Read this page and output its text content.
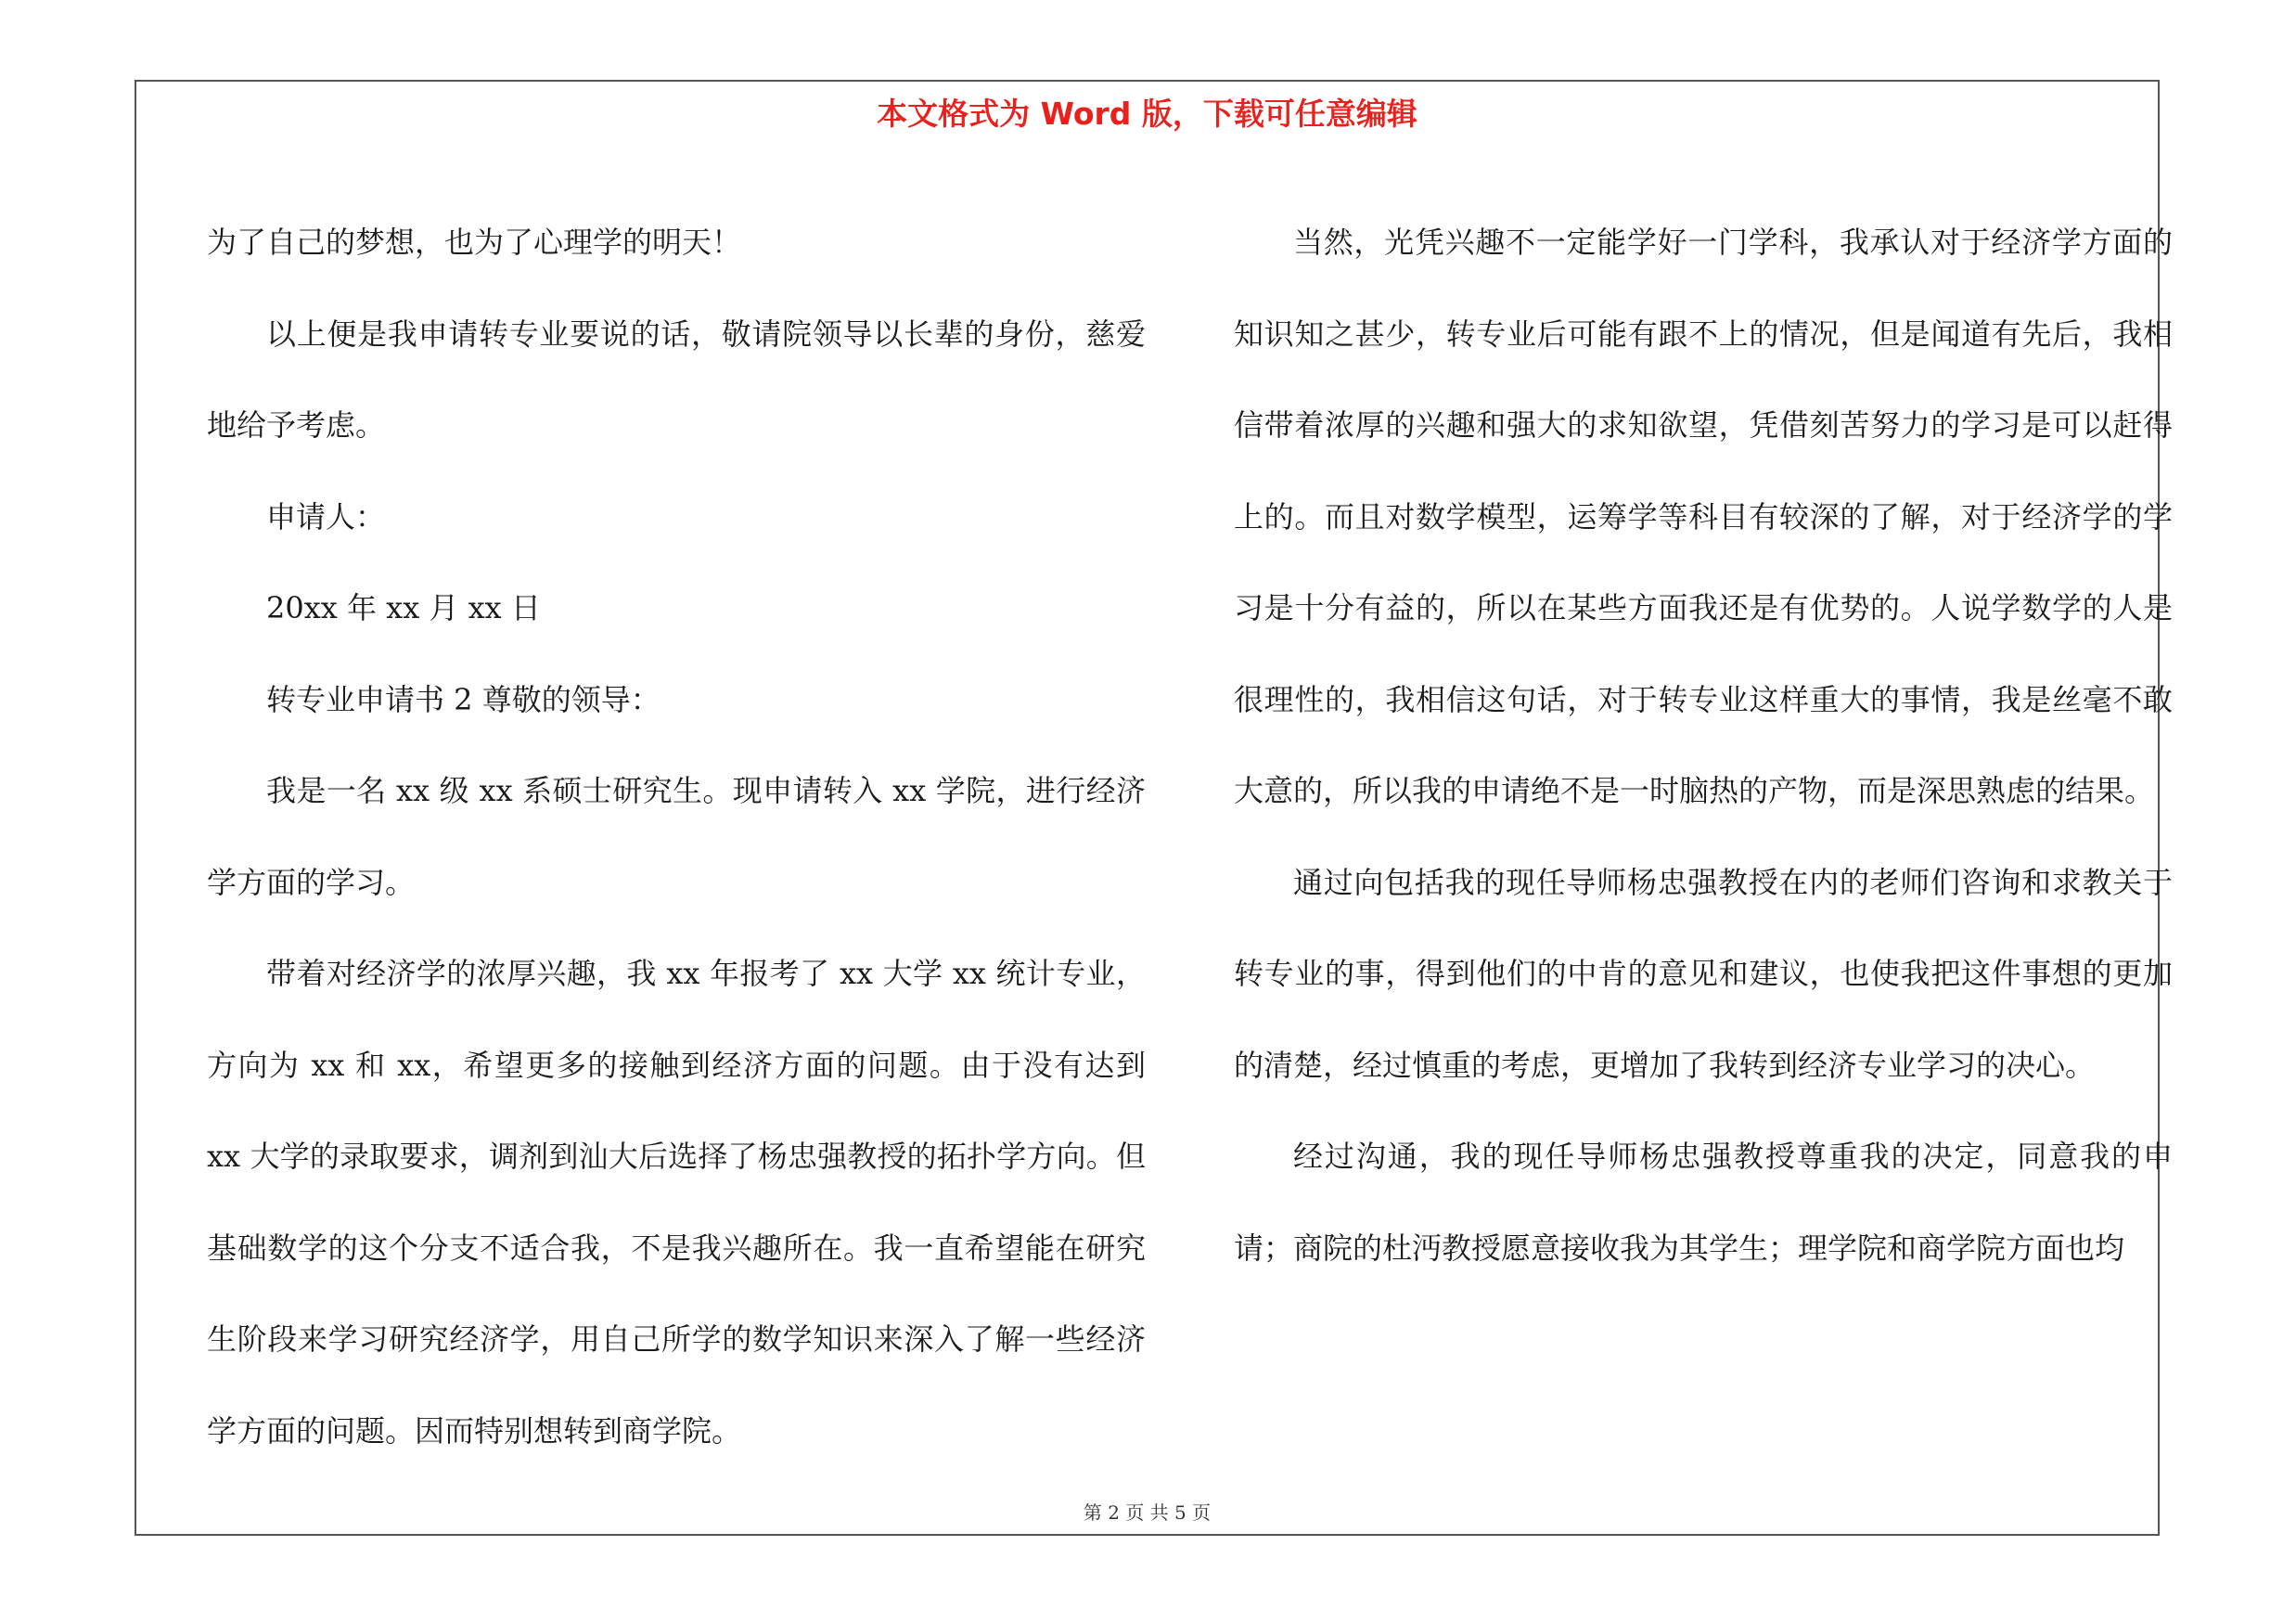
本文格式为 Word 版，下载可任意编辑

为了自己的梦想，也为了心理学的明天！

以上便是我申请转专业要说的话，敬请院领导以长辈的身份，慈爱地给予考虑。

申请人：

20xx 年 xx 月 xx 日

转专业申请书 2 尊敬的领导：

我是一名 xx 级 xx 系硕士研究生。现申请转入 xx 学院，进行经济学方面的学习。

带着对经济学的浓厚兴趣，我 xx 年报考了 xx 大学 xx 统计专业，方向为 xx 和 xx，希望更多的接触到经济方面的问题。由于没有达到 xx 大学的录取要求，调剂到汕大后选择了杨忠强教授的拓扑学方向。但基础数学的这个分支不适合我，不是我兴趣所在。我一直希望能在研究生阶段来学习研究经济学，用自己所学的数学知识来深入了解一些经济学方面的问题。因而特别想转到商学院。

当然，光凭兴趣不一定能学好一门学科，我承认对于经济学方面的知识知之甚少，转专业后可能有跟不上的情况，但是闻道有先后，我相信带着浓厚的兴趣和强大的求知欲望，凭借刻苦努力的学习是可以赶得上的。而且对数学模型，运筹学等科目有较深的了解，对于经济学的学习是十分有益的，所以在某些方面我还是有优势的。人说学数学的人是很理性的，我相信这句话，对于转专业这样重大的事情，我是丝毫不敢大意的，所以我的申请绝不是一时脑热的产物，而是深思熟虑的结果。

通过向包括我的现任导师杨忠强教授在内的老师们咨询和求教关于转专业的事，得到他们的中肯的意见和建议，也使我把这件事想的更加的清楚，经过慎重的考虑，更增加了我转到经济专业学习的决心。

经过沟通，我的现任导师杨忠强教授尊重我的决定，同意我的申请；商院的杜沔教授愿意接收我为其学生；理学院和商学院方面也均

第 2 页 共 5 页
